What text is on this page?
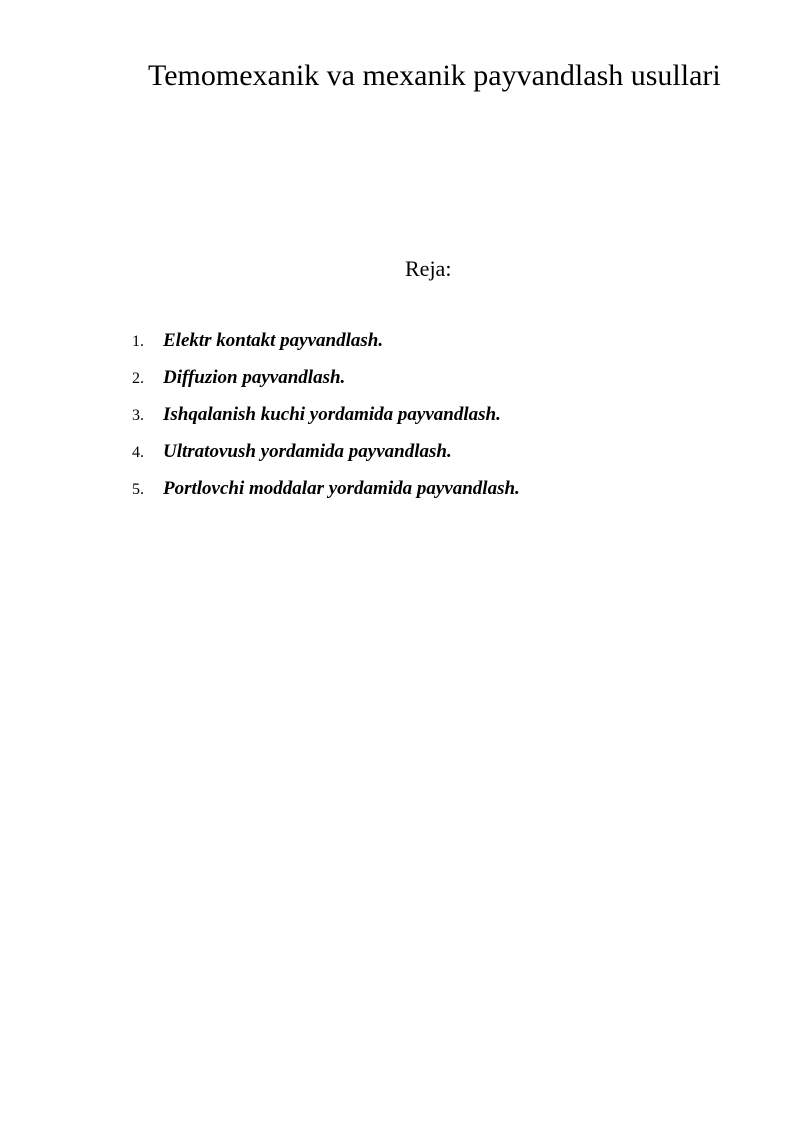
Temomexanik va mexanik payvandlash usullari
Reja:
1.	Elektr kontakt payvandlash.
2.	Diffuzion payvandlash.
3.	Ishqalanish kuchi yordamida payvandlash.
4.	Ultratovush yordamida payvandlash.
5.	Portlovchi moddalar yordamida payvandlash.
